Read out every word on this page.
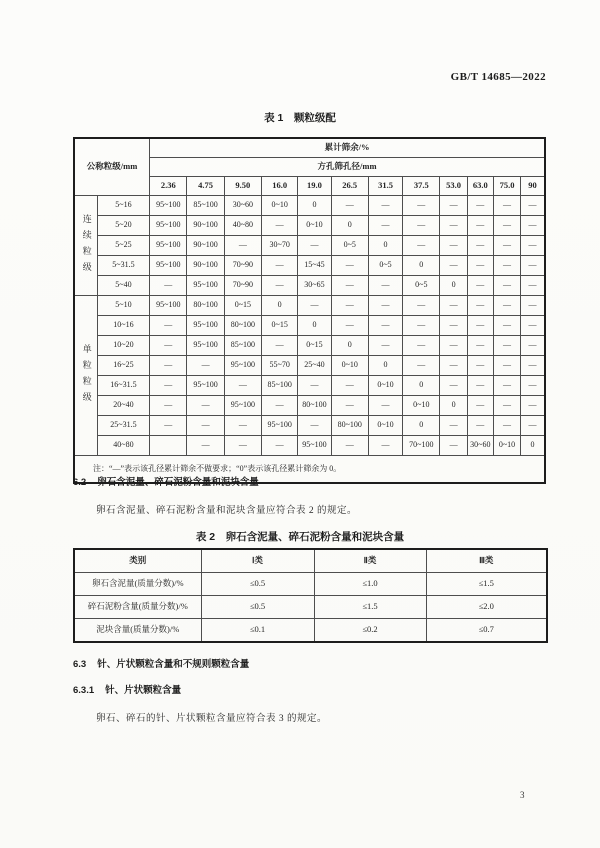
GB/T 14685—2022
表 1　颗粒级配
公称粒级/mm		累计筛余/%											
		方孔筛孔径/mm											
		2.36	4.75	9.50	16.0	19.0	26.5	31.5	37.5	53.0	63.0	75.0	90
连续粒级	5~16	95~100	85~100	30~60	0~10	0	—	—	—	—	—	—	—
	5~20	95~100	90~100	40~80	—	0~10	0	—	—	—	—	—	—
	5~25	95~100	90~100	—	30~70	—	0~5	0	—	—	—	—	—
	5~31.5	95~100	90~100	70~90	—	15~45	—	0~5	0	—	—	—	—
	5~40	—	95~100	70~90	—	30~65	—	—	0~5	0	—	—	—
单粒粒级	5~10	95~100	80~100	0~15	0	—	—	—	—	—	—	—	—
	10~16	—	95~100	80~100	0~15	0	—	—	—	—	—	—	—
	10~20	—	95~100	85~100	—	0~15	0	—	—	—	—	—	—
	16~25	—	—	95~100	55~70	25~40	0~10	0	—	—	—	—	—
	16~31.5	—	95~100	—	85~100	—	—	0~10	0	—	—	—	—
	20~40	—	—	95~100	—	80~100	—	—	0~10	0	—	—	—
	25~31.5	—	—	—	95~100	—	80~100	0~10	0	—	—	—	—
	40~80		—	—	—	95~100	—	—	70~100	—	30~60	0~10	0
注：“—”表示该孔径累计筛余不做要求；“0”表示该孔径累计筛余为 0。													
6.2 卵石含泥量、碎石泥粉含量和泥块含量
卵石含泥量、碎石泥粉含量和泥块含量应符合表 2 的规定。
表 2　卵石含泥量、碎石泥粉含量和泥块含量
类别	Ⅰ类	Ⅱ类	Ⅲ类
卵石含泥量(质量分数)/%	≤0.5	≤1.0	≤1.5
碎石泥粉含量(质量分数)/%	≤0.5	≤1.5	≤2.0
泥块含量(质量分数)/%	≤0.1	≤0.2	≤0.7
6.3 针、片状颗粒含量和不规则颗粒含量
6.3.1 针、片状颗粒含量
卵石、碎石的针、片状颗粒含量应符合表 3 的规定。
3
